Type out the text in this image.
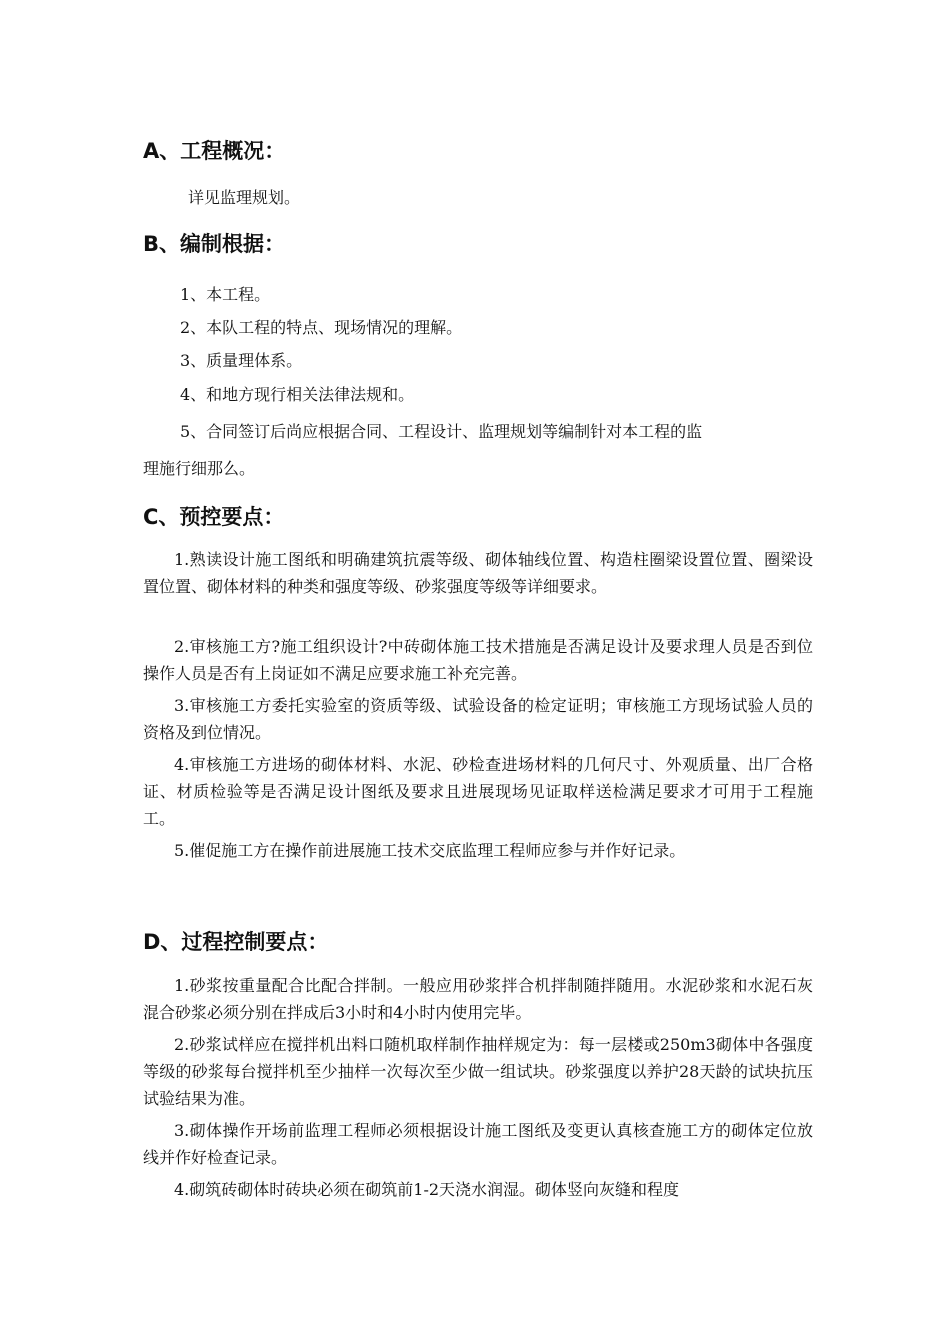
A、工程概况：
详见监理规划。
B、编制根据：
1、本工程。
2、本队工程的特点、现场情况的理解。
3、质量理体系。
4、和地方现行相关法律法规和。
5、合同签订后尚应根据合同、工程设计、监理规划等编制针对本工程的监
理施行细那么。
C、预控要点：
1.熟读设计施工图纸和明确建筑抗震等级、砌体轴线位置、构造柱圈梁设置位置、圈梁设置位置、砌体材料的种类和强度等级、砂浆强度等级等详细要求。
2.审核施工方?施工组织设计?中砖砌体施工技术措施是否满足设计及要求理人员是否到位操作人员是否有上岗证如不满足应要求施工补充完善。
3.审核施工方委托实验室的资质等级、试验设备的检定证明；审核施工方现场试验人员的资格及到位情况。
4.审核施工方进场的砌体材料、水泥、砂检查进场材料的几何尺寸、外观质量、出厂合格证、材质检验等是否满足设计图纸及要求且进展现场见证取样送检满足要求才可用于工程施工。
5.催促施工方在操作前进展施工技术交底监理工程师应参与并作好记录。
D、过程控制要点：
1.砂浆按重量配合比配合拌制。一般应用砂浆拌合机拌制随拌随用。水泥砂浆和水泥石灰混合砂浆必须分别在拌成后3小时和4小时内使用完毕。
2.砂浆试样应在搅拌机出料口随机取样制作抽样规定为：每一层楼或250m3砌体中各强度等级的砂浆每台搅拌机至少抽样一次每次至少做一组试块。砂浆强度以养护28天龄的试块抗压试验结果为准。
3.砌体操作开场前监理工程师必须根据设计施工图纸及变更认真核查施工方的砌体定位放线并作好检查记录。
4.砌筑砖砌体时砖块必须在砌筑前1-2天浇水润湿。砌体竖向灰缝和程度
